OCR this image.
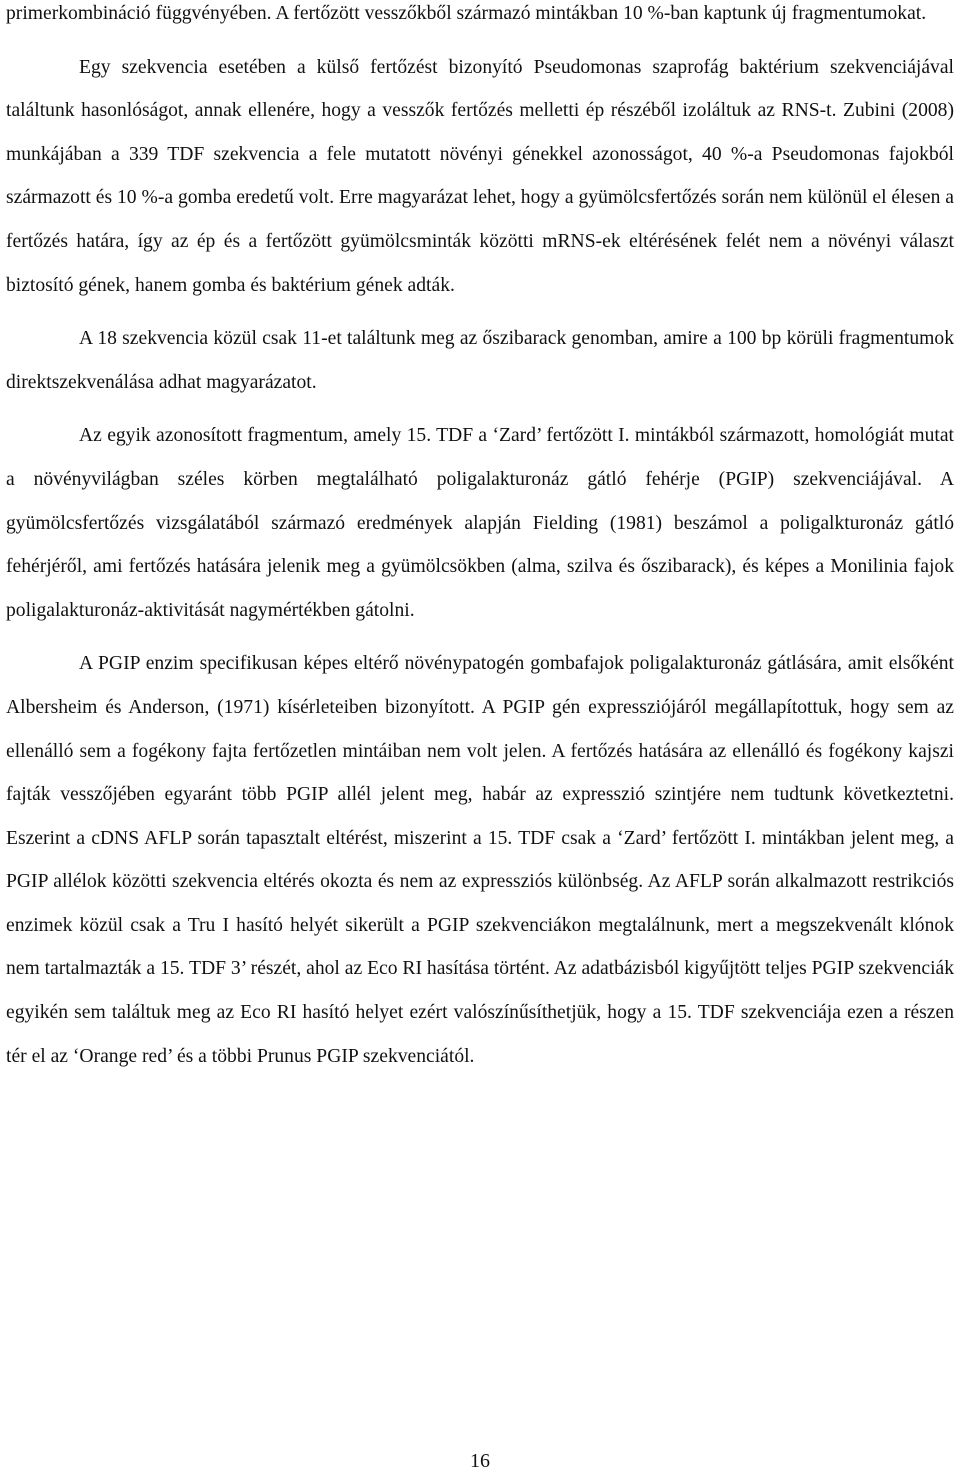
primerkombináció függvényében. A fertőzött vesszőkből származó mintákban 10 %-ban kaptunk új fragmentumokat.

Egy szekvencia esetében a külső fertőzést bizonyító Pseudomonas szaprofág baktérium szekvenciájával találtunk hasonlóságot, annak ellenére, hogy a vesszők fertőzés melletti ép részéből izoláltuk az RNS-t. Zubini (2008) munkájában a 339 TDF szekvencia a fele mutatott növényi génekkel azonosságot, 40 %-a Pseudomonas fajokból származott és 10 %-a gomba eredetű volt. Erre magyarázat lehet, hogy a gyümölcsfertőzés során nem különül el élesen a fertőzés határa, így az ép és a fertőzött gyümölcsminták közötti mRNS-ek eltérésének felét nem a növényi választ biztosító gének, hanem gomba és baktérium gének adták.

A 18 szekvencia közül csak 11-et találtunk meg az őszibarack genomban, amire a 100 bp körüli fragmentumok direktszekvenálása adhat magyarázatot.

Az egyik azonosított fragmentum, amely 15. TDF a ‘Zard’ fertőzött I. mintákból származott, homológiát mutat a növényvilágban széles körben megtalálható poligalakturonáz gátló fehérje (PGIP) szekvenciájával. A gyümölcsfertőzés vizsgálatából származó eredmények alapján Fielding (1981) beszámol a poligalkturonáz gátló fehérjéről, ami fertőzés hatására jelenik meg a gyümölcsökben (alma, szilva és őszibarack), és képes a Monilinia fajok poligalakturonáz-aktivitását nagymértékben gátolni.

A PGIP enzim specifikusan képes eltérő növénypatogén gombafajok poligalakturonáz gátlására, amit elsőként Albersheim és Anderson, (1971) kísérleteiben bizonyított. A PGIP gén expressziójáról megállapítottuk, hogy sem az ellenálló sem a fogékony fajta fertőzetlen mintáiban nem volt jelen. A fertőzés hatására az ellenálló és fogékony kajszi fajták vesszőjében egyaránt több PGIP allél jelent meg, habár az expresszió szintjére nem tudtunk következtetni. Eszerint a cDNS AFLP során tapasztalt eltérést, miszerint a 15. TDF csak a ‘Zard’ fertőzött I. mintákban jelent meg, a PGIP allélok közötti szekvencia eltérés okozta és nem az expressziós különbség. Az AFLP során alkalmazott restrikciós enzimek közül csak a Tru I hasító helyét sikerült a PGIP szekvenciákon megtalálnunk, mert a megszekvenált klónok nem tartalmazták a 15. TDF 3’ részét, ahol az Eco RI hasítása történt. Az adatbázisból kigyűjtött teljes PGIP szekvenciák egyikén sem találtuk meg az Eco RI hasító helyet ezért valószínűsíthetjük, hogy a 15. TDF szekvenciája ezen a részen tér el az ‘Orange red’ és a többi Prunus PGIP szekvenciától.

16
